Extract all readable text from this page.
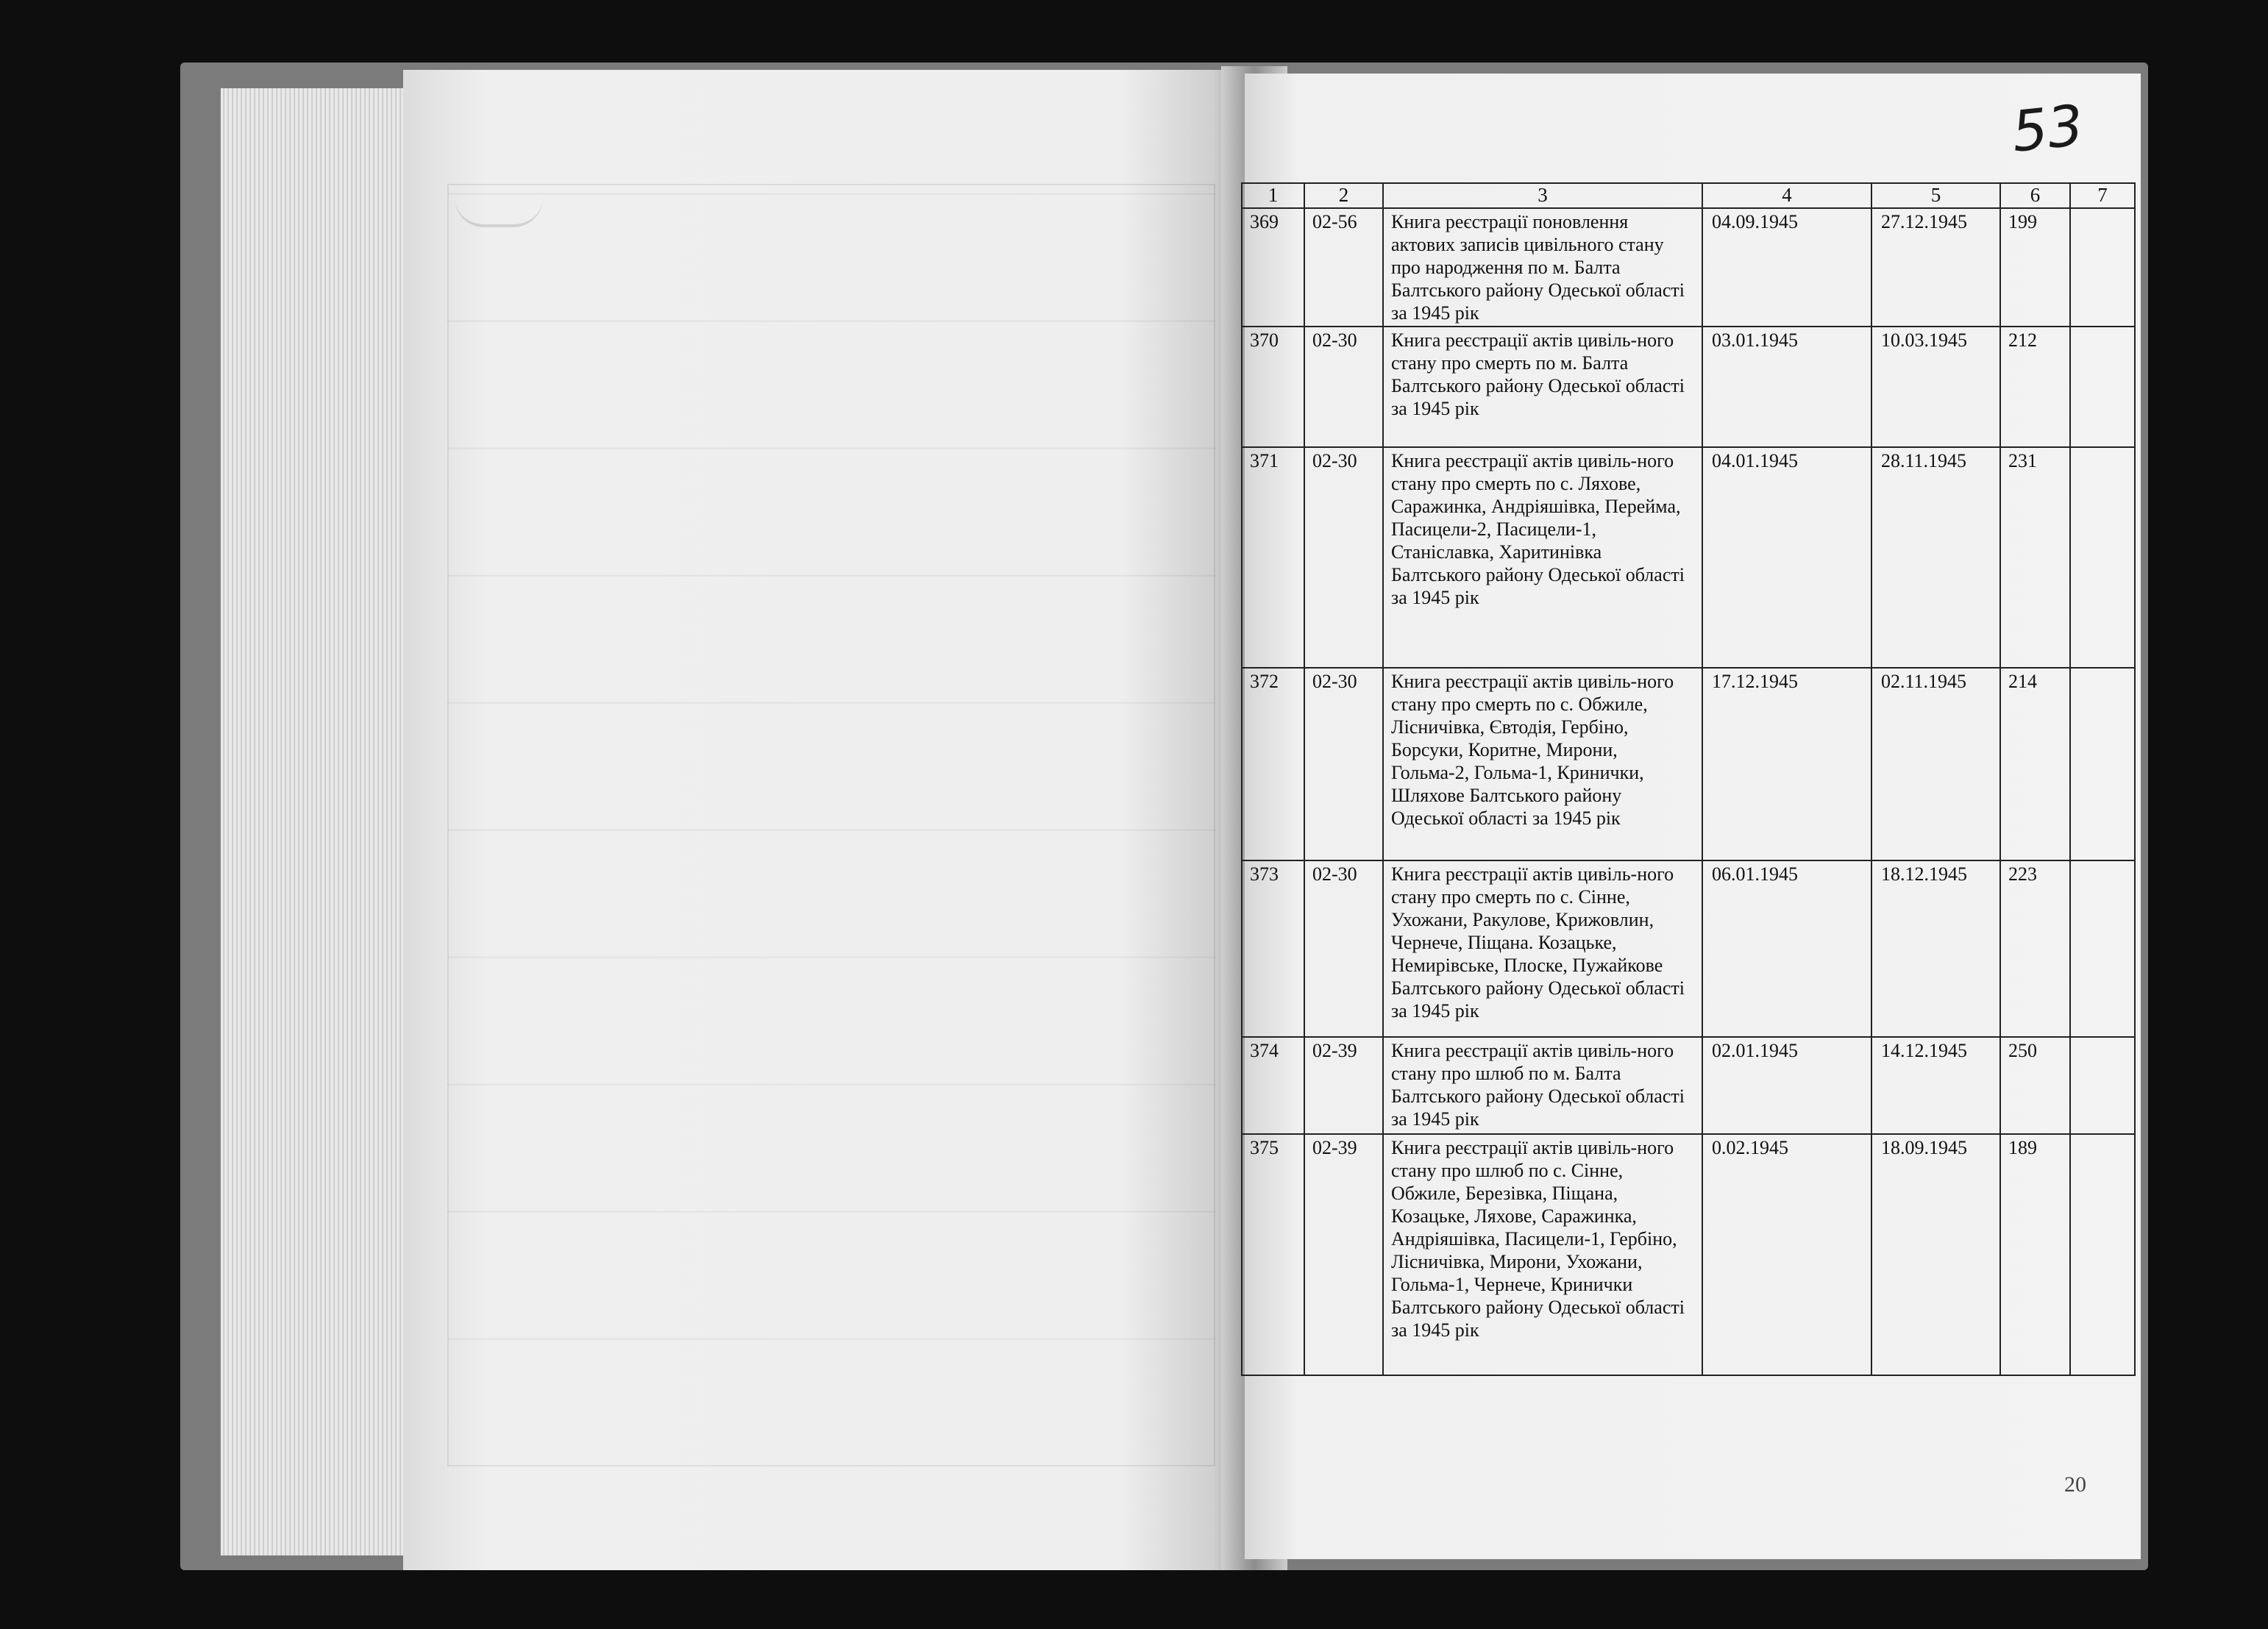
53
1	2	3	4	5	6	7
369	02-56	Книга реєстрації поновлення актових записів цивільного стану про народження по м. Балта Балтського району Одеської області за 1945 рік	04.09.1945	27.12.1945	199	
370	02-30	Книга реєстрації актів цивіль-ного стану про смерть по м. Балта Балтського району Одеської області за 1945 рік	03.01.1945	10.03.1945	212	
371	02-30	Книга реєстрації актів цивіль-ного стану про смерть по с. Ляхове, Саражинка, Андріяшівка, Перейма, Пасицели-2, Пасицели-1, Станіславка, Харитинівка Балтського району Одеської області за 1945 рік	04.01.1945	28.11.1945	231	
372	02-30	Книга реєстрації актів цивіль-ного стану про смерть по с. Обжиле, Лісничівка, Євтодія, Гербіно, Борсуки, Коритне, Мирони, Гольма-2, Гольма-1, Кринички, Шляхове Балтського району Одеської області за 1945 рік	17.12.1945	02.11.1945	214	
373	02-30	Книга реєстрації актів цивіль-ного стану про смерть по с. Сінне, Ухожани, Ракулове, Крижовлин, Чернече, Піщана. Козацьке, Немирівське, Плоске, Пужайкове Балтського району Одеської області за 1945 рік	06.01.1945	18.12.1945	223	
374	02-39	Книга реєстрації актів цивіль-ного стану про шлюб по м. Балта Балтського району Одеської області за 1945 рік	02.01.1945	14.12.1945	250	
375	02-39	Книга реєстрації актів цивіль-ного стану про шлюб по с. Сінне, Обжиле, Березівка, Піщана, Козацьке, Ляхове, Саражинка, Андріяшівка, Пасицели-1, Гербіно, Лісничівка, Мирони, Ухожани, Гольма-1, Чернече, Кринички Балтського району Одеської області за 1945 рік	0.02.1945	18.09.1945	189	
20
